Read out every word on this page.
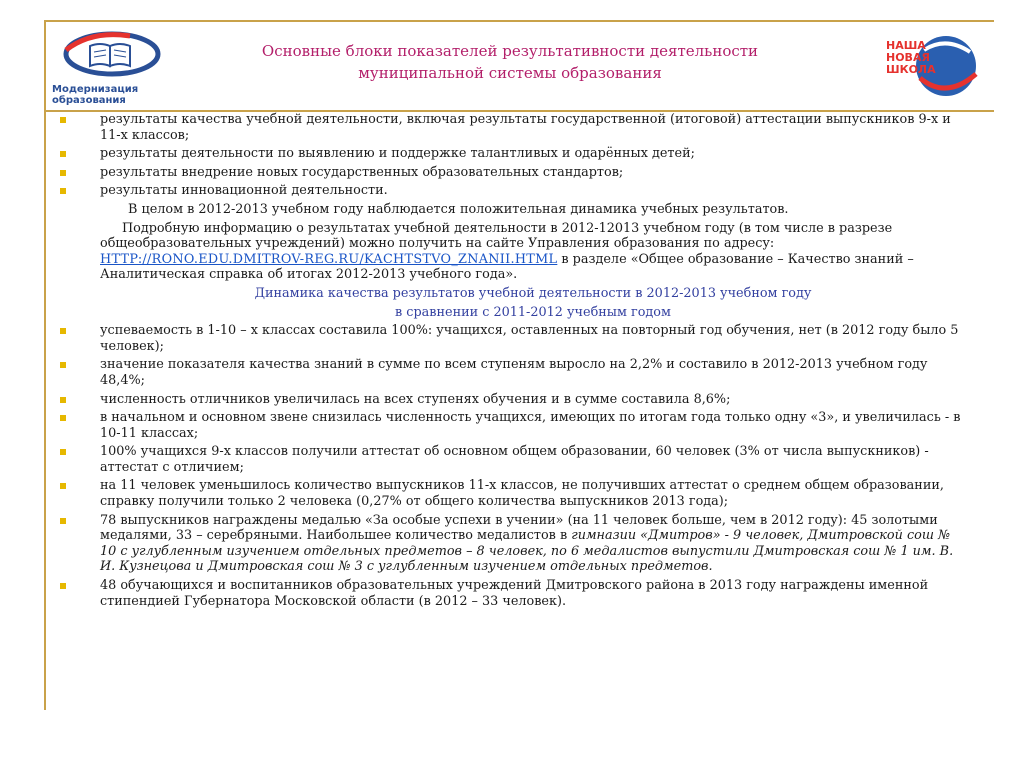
Модернизация образования
Основные блоки показателей результативности деятельности
муниципальной системы образования
НАША НОВАЯ ШКОЛА
результаты качества учебной деятельности, включая результаты государственной (итоговой) аттестации выпускников 9-х и 11-х классов;
результаты деятельности по выявлению и поддержке талантливых и одарённых детей;
результаты внедрение новых государственных образовательных стандартов;
результаты инновационной деятельности.
В целом в 2012-2013 учебном году наблюдается положительная динамика учебных результатов.
Подробную информацию о результатах учебной деятельности в 2012-12013 учебном году (в том числе в разрезе общеобразовательных учреждений) можно получить на сайте Управления образования по адресу: HTTP://RONO.EDU.DMITROV-REG.RU/KACHTSTVO_ZNANII.HTML в разделе «Общее образование – Качество знаний – Аналитическая справка об итогах 2012-2013 учебного года».
Динамика качества результатов учебной деятельности в 2012-2013 учебном году
в сравнении с 2011-2012 учебным годом
успеваемость в 1-10 – х классах составила 100%: учащихся, оставленных на повторный год обучения, нет (в 2012 году было 5 человек);
значение показателя качества знаний в сумме по всем ступеням выросло на 2,2% и составило в 2012-2013 учебном году 48,4%;
численность отличников увеличилась на всех ступенях обучения и в сумме составила 8,6%;
в начальном и основном звене снизилась численность учащихся, имеющих по итогам года только одну «3», и увеличилась - в 10-11 классах;
100% учащихся 9-х классов получили аттестат об основном общем образовании, 60 человек (3% от числа выпускников) - аттестат с отличием;
на 11 человек уменьшилось количество выпускников 11-х классов, не получивших аттестат о среднем общем образовании, справку получили только 2 человека (0,27% от общего количества выпускников 2013 года);
78 выпускников награждены медалью «За особые успехи в учении» (на 11 человек больше, чем в 2012 году): 45 золотыми медалями, 33 – серебряными. Наибольшее количество медалистов в гимназии «Дмитров» - 9 человек, Дмитровской сош № 10 с углубленным изучением отдельных предметов – 8 человек, по 6 медалистов выпустили Дмитровская сош № 1 им. В. И. Кузнецова и Дмитровская сош № 3 с углубленным изучением отдельных предметов.
48 обучающихся и воспитанников образовательных учреждений Дмитровского района в 2013 году награждены именной стипендией Губернатора Московской области (в 2012 – 33 человек).
